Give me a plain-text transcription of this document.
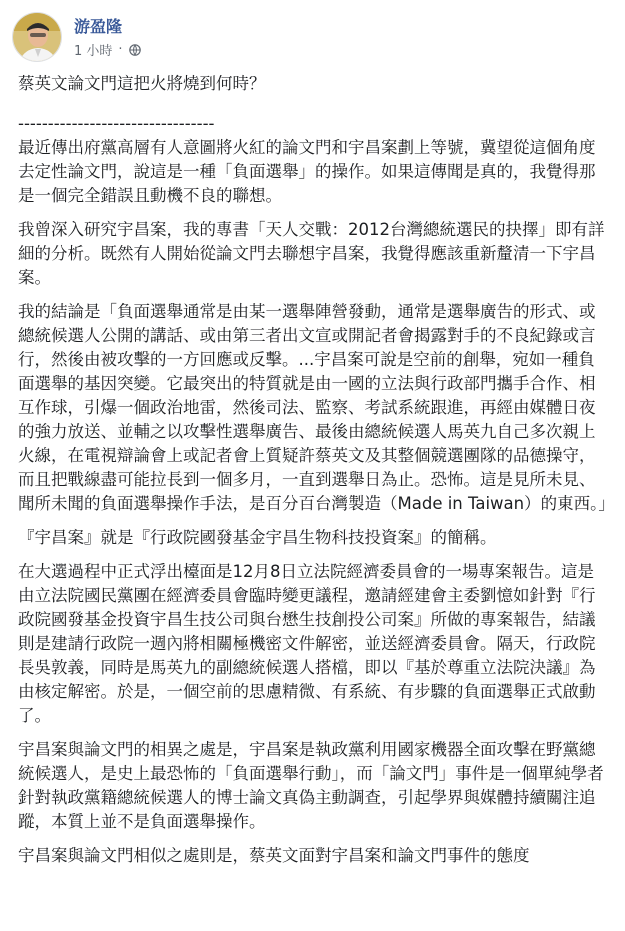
游盈隆
1 小時 ·

蔡英文論文門這把火將燒到何時？

---------------------------------

最近傳出府黨高層有人意圖將火紅的論文門和宇昌案劃上等號，冀望從這個角度去定性論文門，說這是一種「負面選舉」的操作。如果這傳聞是真的，我覺得那是一個完全錯誤且動機不良的聯想。

我曾深入研究宇昌案，我的專書「天人交戰：2012台灣總統選民的抉擇」即有詳細的分析。既然有人開始從論文門去聯想宇昌案，我覺得應該重新釐清一下宇昌案。

我的結論是「負面選舉通常是由某一選舉陣營發動，通常是選舉廣告的形式、或總統候選人公開的講話、或由第三者出文宣或開記者會揭露對手的不良紀錄或言行，然後由被攻擊的一方回應或反擊。...宇昌案可說是空前的創舉，宛如一種負面選舉的基因突變。它最突出的特質就是由一國的立法與行政部門攜手合作、相互作球，引爆一個政治地雷，然後司法、監察、考試系統跟進，再經由媒體日夜的強力放送、並輔之以攻擊性選舉廣告、最後由總統候選人馬英九自己多次親上火線，在電視辯論會上或記者會上質疑許蔡英文及其整個競選團隊的品德操守，而且把戰線盡可能拉長到一個多月，一直到選舉日為止。恐怖。這是見所未見、聞所未聞的負面選舉操作手法，是百分百台灣製造（Made in Taiwan）的東西。」

『宇昌案』就是『行政院國發基金宇昌生物科技投資案』的簡稱。

在大選過程中正式浮出檯面是12月8日立法院經濟委員會的一場專案報告。這是由立法院國民黨團在經濟委員會臨時變更議程，邀請經建會主委劉憶如針對『行政院國發基金投資宇昌生技公司與台懋生技創投公司案』所做的專案報告，結議則是建請行政院一週內將相關極機密文件解密，並送經濟委員會。隔天，行政院長吳敦義，同時是馬英九的副總統候選人搭檔，即以『基於尊重立法院決議』為由核定解密。於是，一個空前的思慮精微、有系統、有步驟的負面選舉正式啟動了。

宇昌案與論文門的相異之處是，宇昌案是執政黨利用國家機器全面攻擊在野黨總統候選人，是史上最恐怖的「負面選舉行動」，而「論文門」事件是一個單純學者針對執政黨籍總統候選人的博士論文真偽主動調查，引起學界與媒體持續關注追蹤，本質上並不是負面選舉操作。

宇昌案與論文門相似之處則是，蔡英文面對宇昌案和論文門事件的態度
